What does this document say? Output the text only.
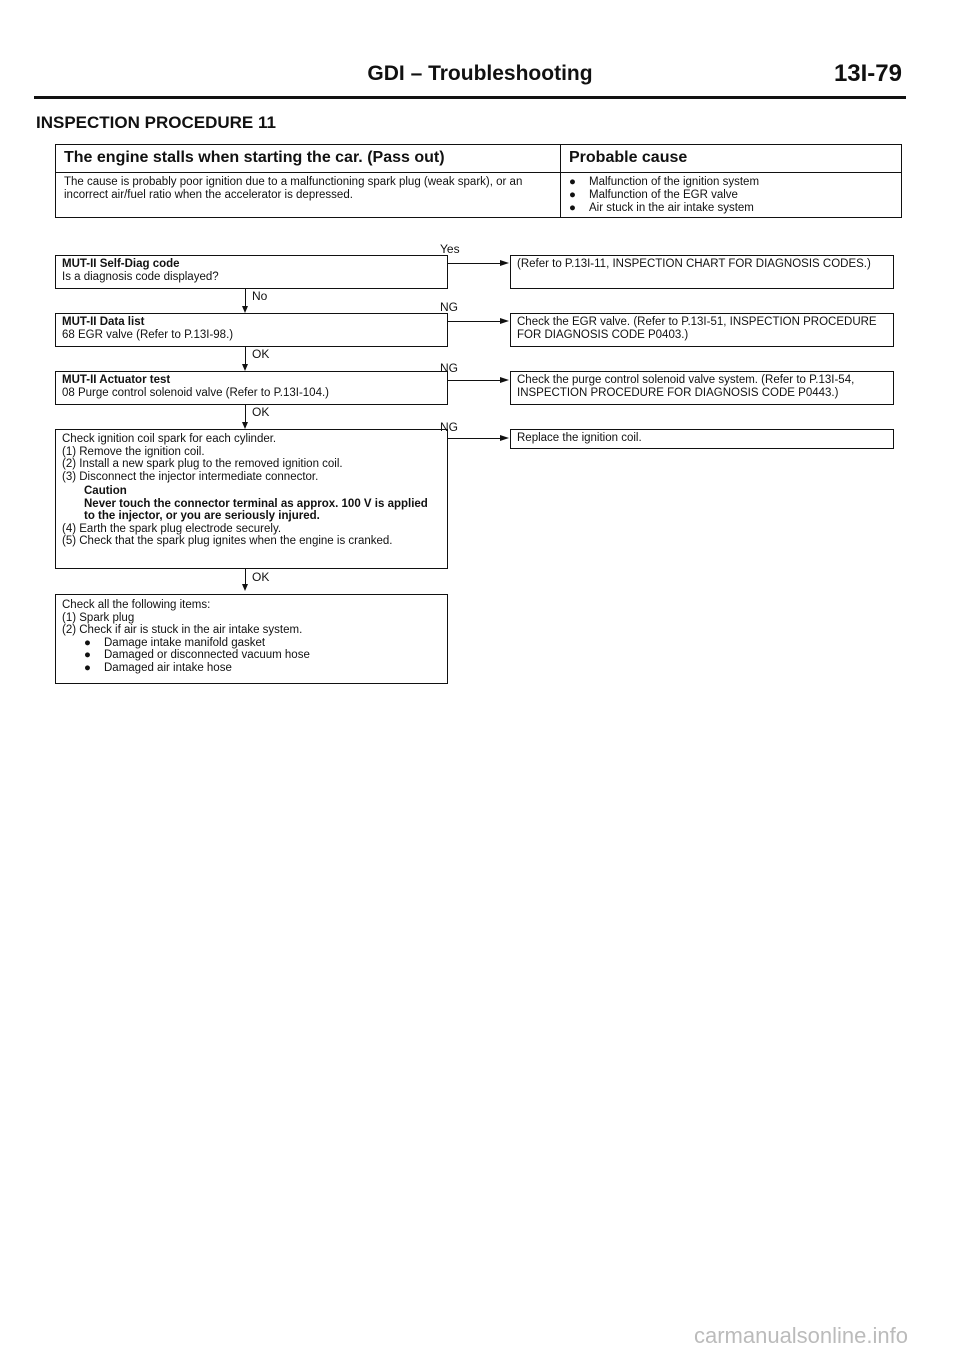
GDI – Troubleshooting	13I-79
INSPECTION PROCEDURE 11
The engine stalls when starting the car. (Pass out)	Probable cause
The cause is probably poor ignition due to a malfunctioning spark plug (weak spark), or an incorrect air/fuel ratio when the accelerator is depressed.
● Malfunction of the ignition system
● Malfunction of the EGR valve
● Air stuck in the air intake system
MUT-II Self-Diag code
Is a diagnosis code displayed?
Yes
(Refer to P.13I-11, INSPECTION CHART FOR DIAGNOSIS CODES.)
No
MUT-II Data list
68 EGR valve (Refer to P.13I-98.)
NG
Check the EGR valve. (Refer to P.13I-51, INSPECTION PROCEDURE FOR DIAGNOSIS CODE P0403.)
OK
MUT-II Actuator test
08 Purge control solenoid valve (Refer to P.13I-104.)
NG
Check the purge control solenoid valve system. (Refer to P.13I-54, INSPECTION PROCEDURE FOR DIAGNOSIS CODE P0443.)
OK
Check ignition coil spark for each cylinder.
(1) Remove the ignition coil.
(2) Install a new spark plug to the removed ignition coil.
(3) Disconnect the injector intermediate connector.
Caution
Never touch the connector terminal as approx. 100 V is applied to the injector, or you are seriously injured.
(4) Earth the spark plug electrode securely.
(5) Check that the spark plug ignites when the engine is cranked.
NG
Replace the ignition coil.
OK
Check all the following items:
(1) Spark plug
(2) Check if air is stuck in the air intake system.
● Damage intake manifold gasket
● Damaged or disconnected vacuum hose
● Damaged air intake hose
carmanualsonline.info
